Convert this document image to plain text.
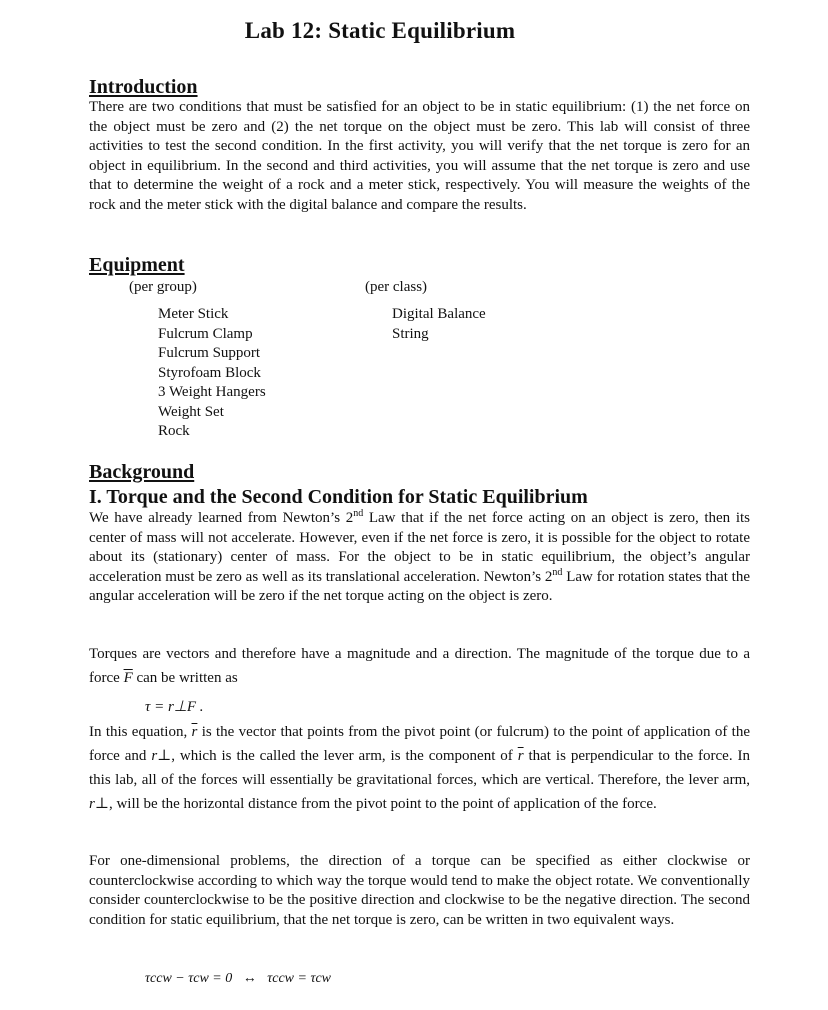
Lab 12: Static Equilibrium
Introduction
There are two conditions that must be satisfied for an object to be in static equilibrium: (1) the net force on the object must be zero and (2) the net torque on the object must be zero. This lab will consist of three activities to test the second condition. In the first activity, you will verify that the net torque is zero for an object in equilibrium. In the second and third activities, you will assume that the net torque is zero and use that to determine the weight of a rock and a meter stick, respectively. You will measure the weights of the rock and the meter stick with the digital balance and compare the results.
Equipment
(per group)	(per class)
Meter Stick
Fulcrum Clamp
Fulcrum Support
Styrofoam Block
3 Weight Hangers
Weight Set
Rock
Digital Balance
String
Background
I. Torque and the Second Condition for Static Equilibrium
We have already learned from Newton’s 2nd Law that if the net force acting on an object is zero, then its center of mass will not accelerate. However, even if the net force is zero, it is possible for the object to rotate about its (stationary) center of mass. For the object to be in static equilibrium, the object’s angular acceleration must be zero as well as its translational acceleration. Newton’s 2nd Law for rotation states that the angular acceleration will be zero if the net torque acting on the object is zero.
Torques are vectors and therefore have a magnitude and a direction. The magnitude of the torque due to a force $\overline{F}$ can be written as
τ = r⊥F .
In this equation, $\overline{r}$ is the vector that points from the pivot point (or fulcrum) to the point of application of the force and r⊥, which is the called the lever arm, is the component of $\overline{r}$ that is perpendicular to the force. In this lab, all of the forces will essentially be gravitational forces, which are vertical. Therefore, the lever arm, r⊥, will be the horizontal distance from the pivot point to the point of application of the force.
For one-dimensional problems, the direction of a torque can be specified as either clockwise or counterclockwise according to which way the torque would tend to make the object rotate. We conventionally consider counterclockwise to be the positive direction and clockwise to be the negative direction. The second condition for static equilibrium, that the net torque is zero, can be written in two equivalent ways.
τccw − τcw = 0   ↔   τccw = τcw
